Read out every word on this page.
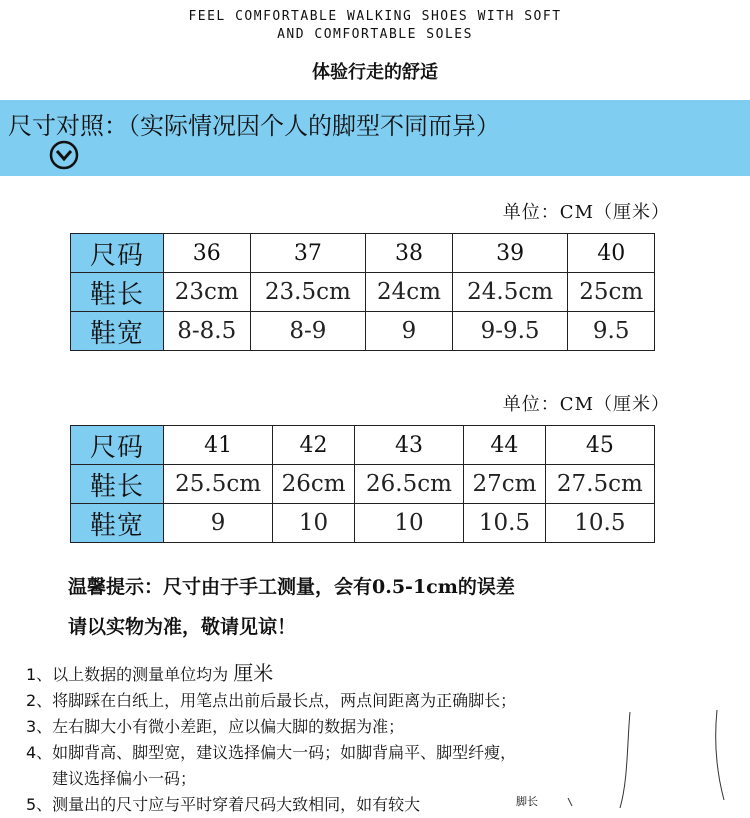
FEEL COMFORTABLE WALKING SHOES WITH SOFT
AND COMFORTABLE SOLES
体验行走的舒适
尺寸对照：（实际情况因个人的脚型不同而异）
单位：CM（厘米）
尺码	36	37	38	39	40
鞋长	23cm	23.5cm	24cm	24.5cm	25cm
鞋宽	8-8.5	8-9	9	9-9.5	9.5
单位：CM（厘米）
尺码	41	42	43	44	45
鞋长	25.5cm	26cm	26.5cm	27cm	27.5cm
鞋宽	9	10	10	10.5	10.5
温馨提示：尺寸由于手工测量，会有0.5-1cm的误差
请以实物为准，敬请见谅！
1、以上数据的测量单位均为 厘米
2、将脚踩在白纸上，用笔点出前后最长点，两点间距离为正确脚长；
3、左右脚大小有微小差距，应以偏大脚的数据为准；
4、如脚背高、脚型宽，建议选择偏大一码；如脚背扁平、脚型纤瘦，
建议选择偏小一码；
5、测量出的尺寸应与平时穿着尺码大致相同，如有较大	脚长
